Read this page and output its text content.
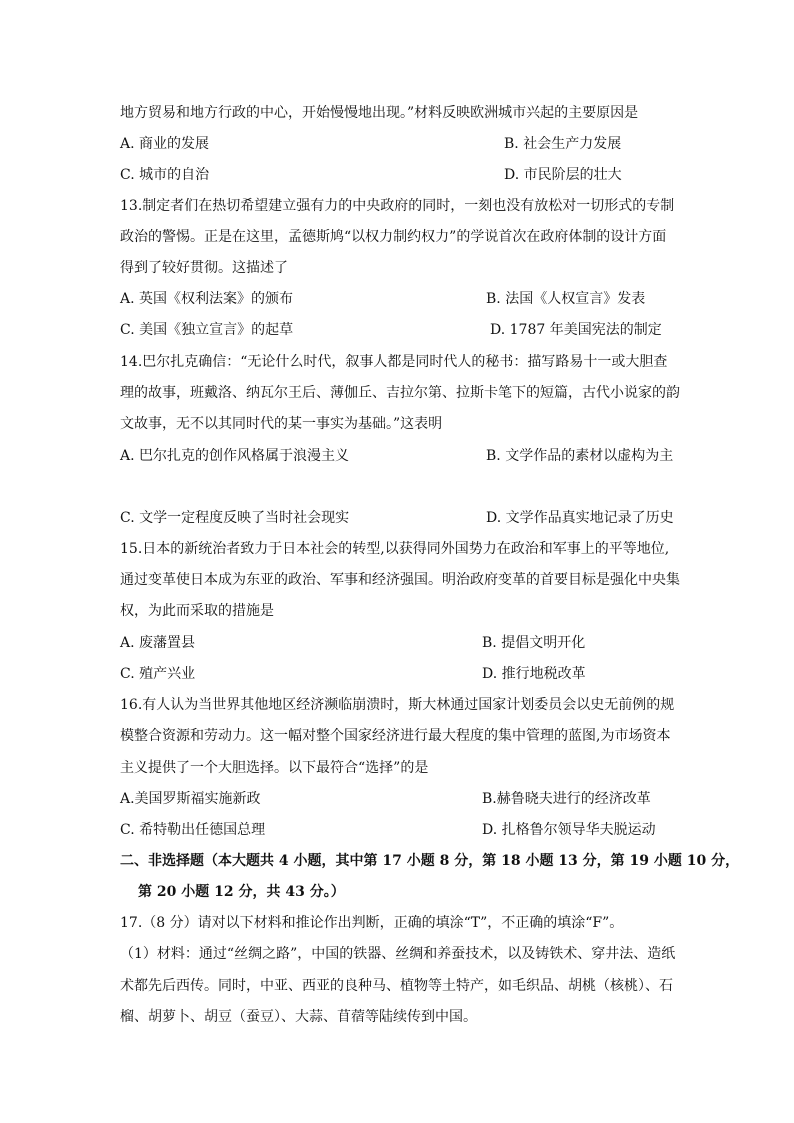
地方贸易和地方行政的中心，开始慢慢地出现。”材料反映欧洲城市兴起的主要原因是
A. 商业的发展	B. 社会生产力发展
C. 城市的自治	D. 市民阶层的壮大
13.制定者们在热切希望建立强有力的中央政府的同时，一刻也没有放松对一切形式的专制
政治的警惕。正是在这里，孟德斯鸠“以权力制约权力”的学说首次在政府体制的设计方面
得到了较好贯彻。这描述了
A. 英国《权利法案》的颁布	B. 法国《人权宣言》发表
C. 美国《独立宣言》的起草	D. 1787 年美国宪法的制定
14.巴尔扎克确信：“无论什么时代，叙事人都是同时代人的秘书：描写路易十一或大胆查
理的故事，班戴洛、纳瓦尔王后、薄伽丘、吉拉尔第、拉斯卡笔下的短篇，古代小说家的韵
文故事，无不以其同时代的某一事实为基础。”这表明
A. 巴尔扎克的创作风格属于浪漫主义	B. 文学作品的素材以虚构为主
C. 文学一定程度反映了当时社会现实	D. 文学作品真实地记录了历史
15.日本的新统治者致力于日本社会的转型,以获得同外国势力在政治和军事上的平等地位,
通过变革使日本成为东亚的政治、军事和经济强国。明治政府变革的首要目标是强化中央集
权，为此而采取的措施是
A. 废藩置县	B. 提倡文明开化
C. 殖产兴业	D. 推行地税改革
16.有人认为当世界其他地区经济濒临崩溃时，斯大林通过国家计划委员会以史无前例的规
模整合资源和劳动力。这一幅对整个国家经济进行最大程度的集中管理的蓝图,为市场资本
主义提供了一个大胆选择。以下最符合“选择”的是
A.美国罗斯福实施新政	B.赫鲁晓夫进行的经济改革
C. 希特勒出任德国总理	D. 扎格鲁尔领导华夫脱运动
二、非选择题（本大题共 4 小题，其中第 17 小题 8 分，第 18 小题 13 分，第 19 小题 10 分，
第 20 小题 12 分，共 43 分。）
17.（8 分）请对以下材料和推论作出判断，正确的填涂“T”，不正确的填涂“F”。
（1）材料：通过“丝绸之路”，中国的铁器、丝绸和养蚕技术，以及铸铁术、穿井法、造纸
术都先后西传。同时，中亚、西亚的良种马、植物等土特产，如毛织品、胡桃（核桃）、石
榴、胡萝卜、胡豆（蚕豆）、大蒜、苜蓿等陆续传到中国。
